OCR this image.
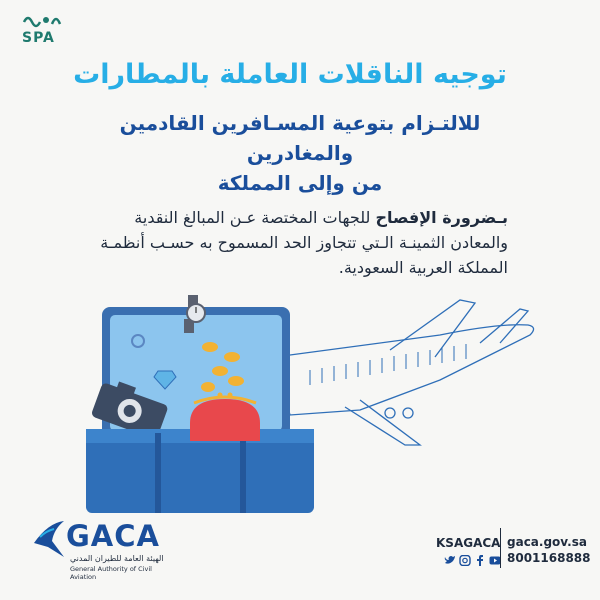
SPA
توجيه الناقلات العاملة بالمطارات
للالتـزام بتوعية المسـافرين القادمين والمغادرين
من وإلى المملكة
بـضرورة الإفصاح للجهات المختصة عـن المبالغ النقدية والمعادن الثمينـة الـتي تتجاوز الحد المسموح به حسـب أنظمـة المملكة العربية السعودية.
GACA
الهيئة العامة للطيران المدني
General Authority of Civil Aviation
KSAGACA gaca.gov.sa
8001168888
